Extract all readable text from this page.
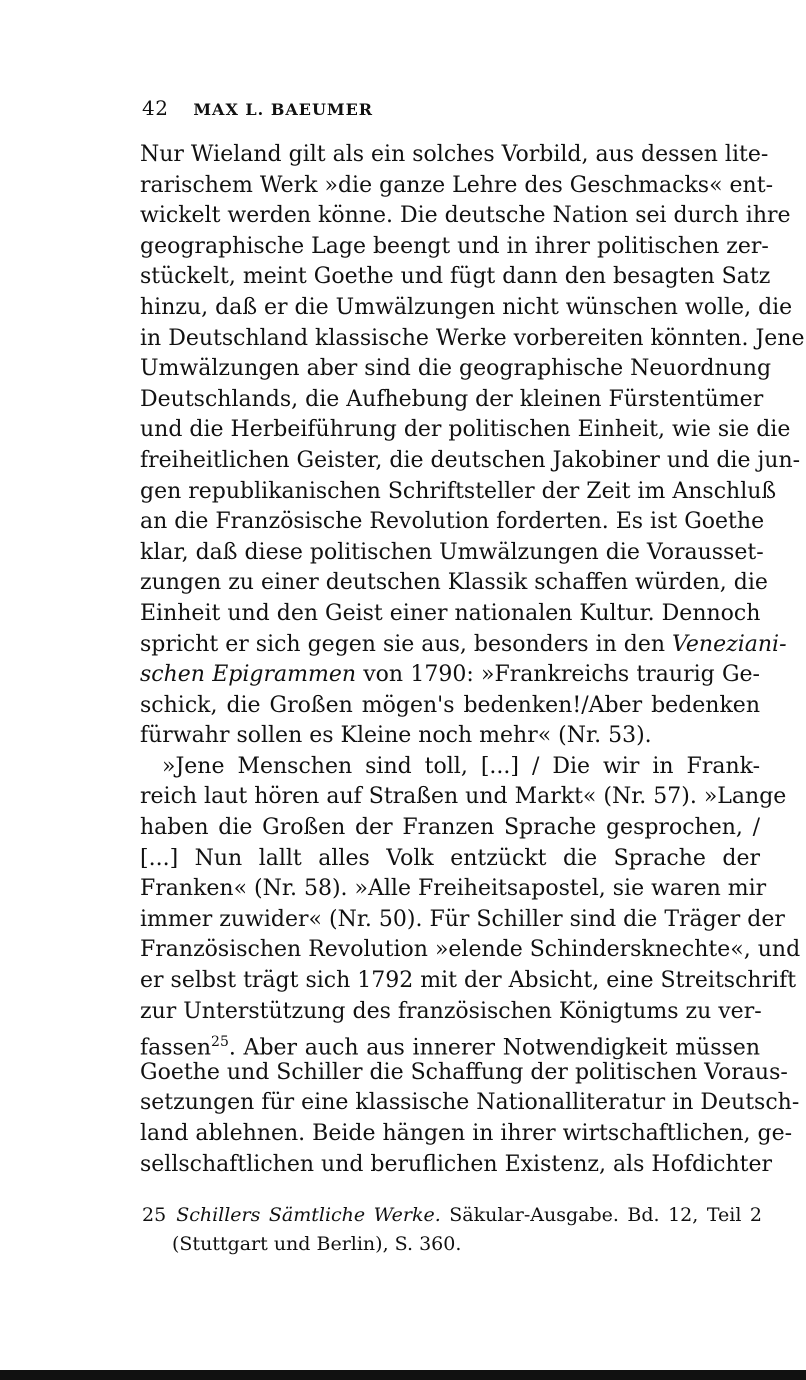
42 MAX L. BAEUMER
Nur Wieland gilt als ein solches Vorbild, aus dessen lite-
rarischem Werk »die ganze Lehre des Geschmacks« ent-
wickelt werden könne. Die deutsche Nation sei durch ihre
geographische Lage beengt und in ihrer politischen zer-
stückelt, meint Goethe und fügt dann den besagten Satz
hinzu, daß er die Umwälzungen nicht wünschen wolle, die
in Deutschland klassische Werke vorbereiten könnten. Jene
Umwälzungen aber sind die geographische Neuordnung
Deutschlands, die Aufhebung der kleinen Fürstentümer
und die Herbeiführung der politischen Einheit, wie sie die
freiheitlichen Geister, die deutschen Jakobiner und die jun-
gen republikanischen Schriftsteller der Zeit im Anschluß
an die Französische Revolution forderten. Es ist Goethe
klar, daß diese politischen Umwälzungen die Vorausset-
zungen zu einer deutschen Klassik schaffen würden, die
Einheit und den Geist einer nationalen Kultur. Dennoch
spricht er sich gegen sie aus, besonders in den Veneziani-
schen Epigrammen von 1790: »Frankreichs traurig Ge-
schick, die Großen mögen's bedenken!/Aber bedenken
fürwahr sollen es Kleine noch mehr« (Nr. 53).
»Jene Menschen sind toll, [...] / Die wir in Frank-
reich laut hören auf Straßen und Markt« (Nr. 57). »Lange
haben die Großen der Franzen Sprache gesprochen, /
[...] Nun lallt alles Volk entzückt die Sprache der
Franken« (Nr. 58). »Alle Freiheitsapostel, sie waren mir
immer zuwider« (Nr. 50). Für Schiller sind die Träger der
Französischen Revolution »elende Schindersknechte«, und
er selbst trägt sich 1792 mit der Absicht, eine Streitschrift
zur Unterstützung des französischen Königtums zu ver-
fassen$^{25}$. Aber auch aus innerer Notwendigkeit müssen
Goethe und Schiller die Schaffung der politischen Voraus-
setzungen für eine klassische Nationalliteratur in Deutsch-
land ablehnen. Beide hängen in ihrer wirtschaftlichen, ge-
sellschaftlichen und beruflichen Existenz, als Hofdichter
25 Schillers Sämtliche Werke. Säkular-Ausgabe. Bd. 12, Teil 2
(Stuttgart und Berlin), S. 360.
